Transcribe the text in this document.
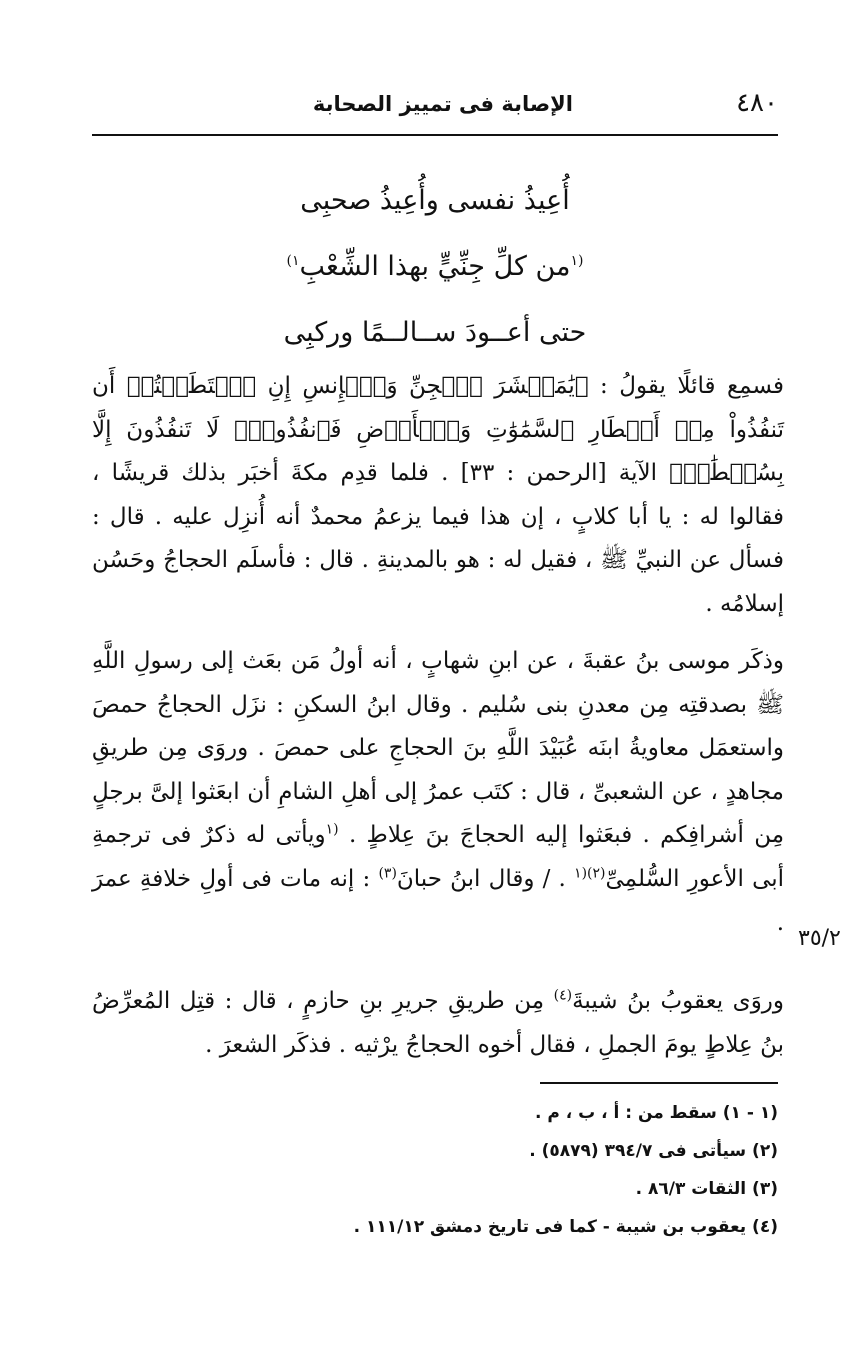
٤٨٠
الإصابة فى تمييز الصحابة
أُعِيذُ نفسى وأُعِيذُ صحبِى
$^{(١}$من كلِّ جِنِّيٍّ بهذا الشِّعْبِ$^{١)}$
حتى أعــودَ ســالــمًا وركبِى
فسمِع قائلًا يقولُ : ﴿يَٰمَعۡشَرَ ٱلۡجِنِّ وَٱلۡإِنسِ إِنِ ٱسۡتَطَعۡتُمۡ أَن تَنفُذُواْ مِنۡ أَقۡطَارِ ٱلسَّمَٰوَٰتِ وَٱلۡأَرۡضِ فَٱنفُذُواْۚ لَا تَنفُذُونَ إِلَّا بِسُلۡطَٰنٖ﴾ الآية [الرحمن : ٣٣] . فلما قدِم مكةَ أخبَر بذلك قريشًا ، فقالوا له : يا أبا كلابٍ ، إن هذا فيما يزعمُ محمدٌ أنه أُنزِل عليه . قال : فسأل عن النبيِّ ﷺ ، فقيل له : هو بالمدينةِ . قال : فأسلَم الحجاجُ وحَسُن إسلامُه .
وذكَر موسى بنُ عقبةَ ، عن ابنِ شهابٍ ، أنه أولُ مَن بعَث إلى رسولِ اللَّهِ ﷺ بصدقتِه مِن معدنِ بنى سُليم . وقال ابنُ السكنِ : نزَل الحجاجُ حمصَ واستعمَل معاويةُ ابنَه عُبَيْدَ اللَّهِ بنَ الحجاجِ على حمصَ . وروَى مِن طريقِ مجاهدٍ ، عن الشعبىِّ ، قال : كتَب عمرُ إلى أهلِ الشامِ أن ابعَثوا إلىَّ برجلٍ مِن أشرافِكم . فبعَثوا إليه الحجاجَ بنَ عِلاطٍ . $^{(١}$ويأتى له ذكرٌ فى ترجمةِ أبى الأعورِ السُّلمِىِّ$^{(٢)(١}$ . / وقال ابنُ حبانَ$^{(٣)}$ : إنه مات فى أولِ خلافةِ عمرَ .
٣٥/٢
وروَى يعقوبُ بنُ شيبةَ$^{(٤)}$ مِن طريقِ جريرِ بنِ حازمٍ ، قال : قتِل المُعرِّضُ بنُ عِلاطٍ يومَ الجملِ ، فقال أخوه الحجاجُ يرْثيه . فذكَر الشعرَ .
(١ - ١) سقط من : أ ، ب ، م .
(٢) سيأتى فى ٣٩٤/٧ (٥٨٧٩) .
(٣) الثقات ٨٦/٣ .
(٤) يعقوب بن شيبة - كما فى تاريخ دمشق ١١١/١٢ .
